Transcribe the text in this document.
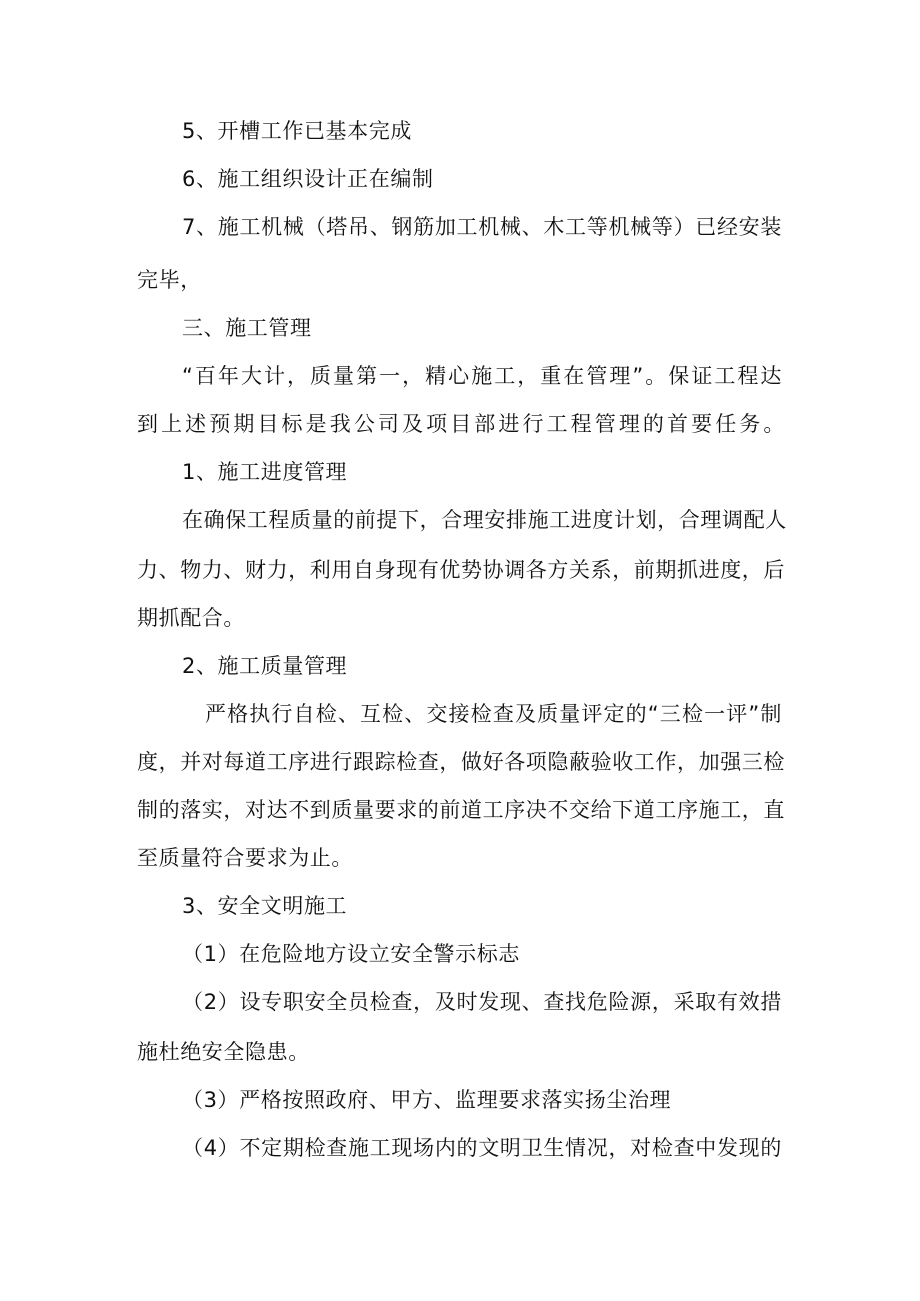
5、开槽工作已基本完成
6、施工组织设计正在编制
7、施工机械（塔吊、钢筋加工机械、木工等机械等）已经安装
完毕，
三、施工管理
“百年大计，质量第一，精心施工，重在管理”。保证工程达
到上述预期目标是我公司及项目部进行工程管理的首要任务。
1、施工进度管理
在确保工程质量的前提下，合理安排施工进度计划，合理调配人
力、物力、财力，利用自身现有优势协调各方关系，前期抓进度，后
期抓配合。
2、施工质量管理
严格执行自检、互检、交接检查及质量评定的“三检一评”制
度，并对每道工序进行跟踪检查，做好各项隐蔽验收工作，加强三检
制的落实，对达不到质量要求的前道工序决不交给下道工序施工，直
至质量符合要求为止。
3、安全文明施工
（1）在危险地方设立安全警示标志
（2）设专职安全员检查，及时发现、查找危险源，采取有效措
施杜绝安全隐患。
（3）严格按照政府、甲方、监理要求落实扬尘治理
（4）不定期检查施工现场内的文明卫生情况，对检查中发现的
